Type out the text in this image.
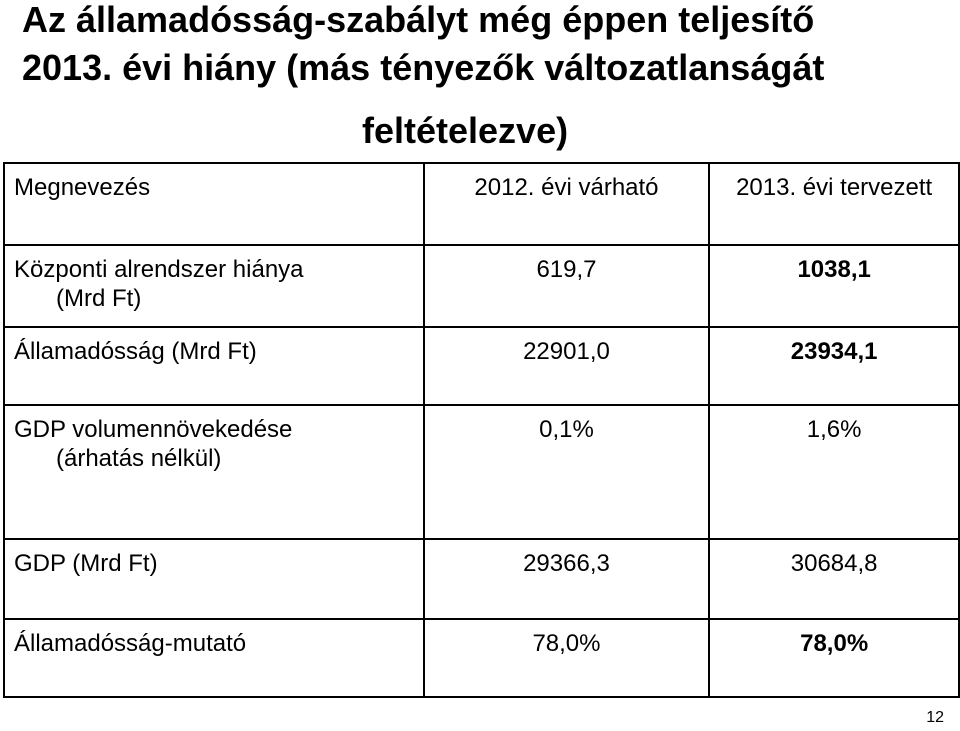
Az államadósság-szabályt még éppen teljesítő
2013. évi hiány (más tényezők változatlanságát
feltételezve)
Megnevezés	2012. évi várható	2013. évi tervezett

Központi alrendszer hiánya
(Mrd Ft)	619,7	1038,1

Államadósság (Mrd Ft)	22901,0	23934,1

GDP volumennövekedése
(árhatás nélkül)	0,1%	1,6%

GDP (Mrd Ft)	29366,3	30684,8

Államadósság-mutató	78,0%	78,0%
12
